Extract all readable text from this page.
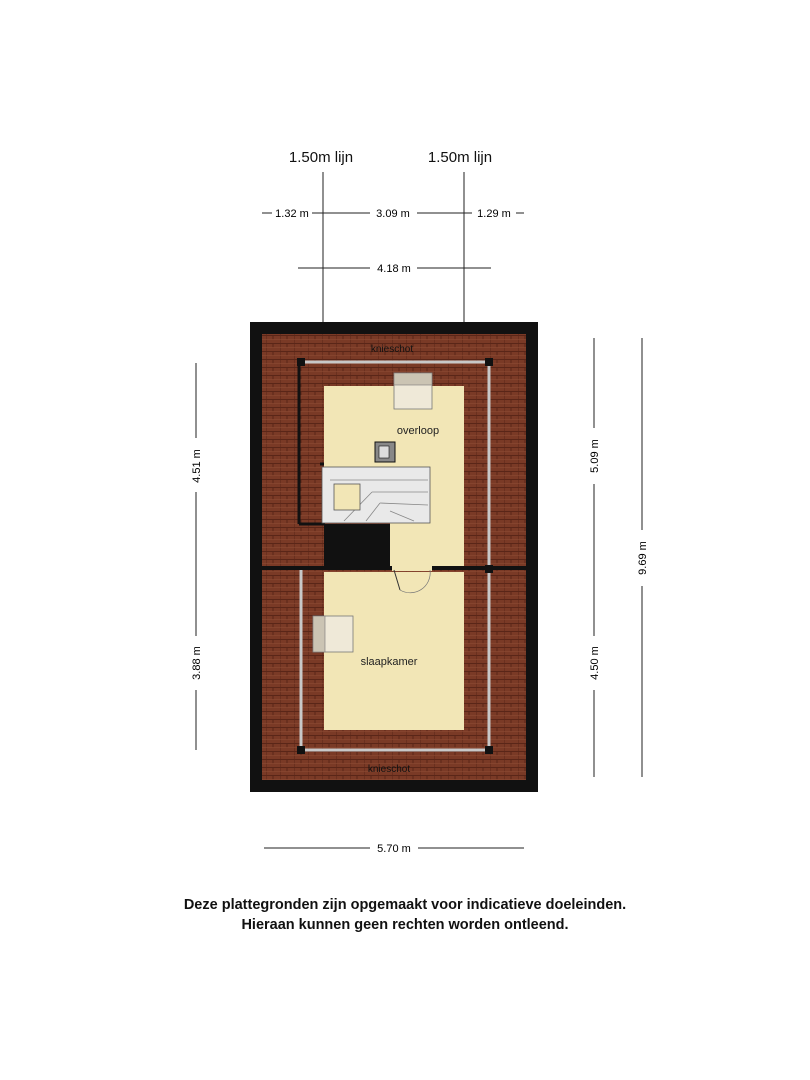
1.50m lijn	1.50m lijn
1.32 m	3.09 m	1.29 m
4.18 m
4.51 m
3.88 m
5.09 m
4.50 m
9.69 m
5.70 m
overloop
slaapkamer
knieschot
knieschot
Deze plattegronden zijn opgemaakt voor indicatieve doeleinden.
Hieraan kunnen geen rechten worden ontleend.
